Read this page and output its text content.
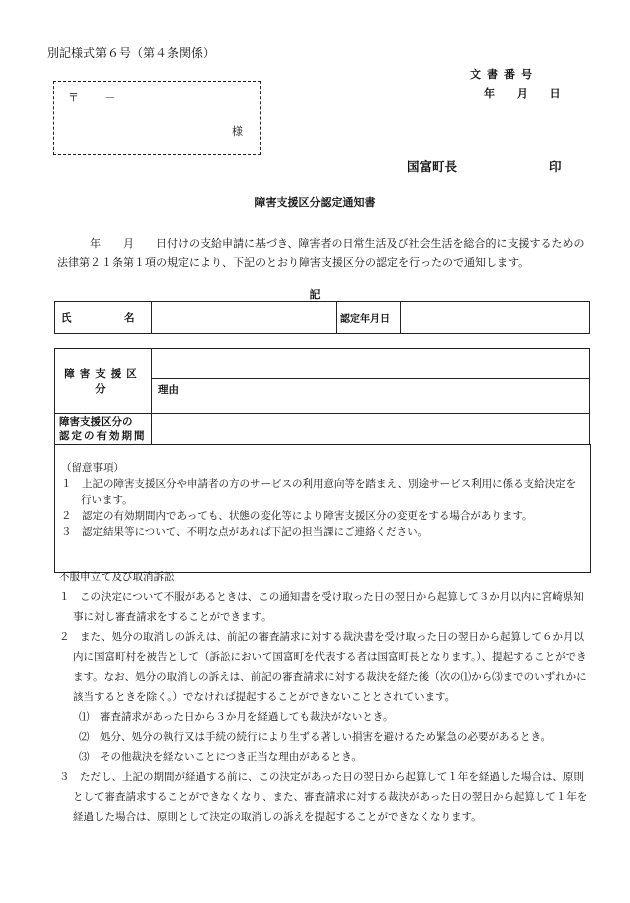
別記様式第６号（第４条関係）
〒　　 －
様
文書番号
年 月 日
国富町長	印
障害支援区分認定通知書
年　　月　　日付けの支給申請に基づき、障害者の日常生活及び社会生活を総合的に支援するための法律第２１条第１項の規定により、下記のとおり障害支援区分の認定を行ったので通知します。
記
氏　　　　　名		認定年月日	
障害支援区分	
	理由

障害支援区分の
認定の有効期間	

（留意事項）

１　上記の障害支援区分や申請者の方のサービスの利用意向等を踏まえ、別途サービス利用に係る支給決定を行います。

２　認定の有効期間内であっても、状態の変化等により障害支援区分の変更をする場合があります。

３　認定結果等について、不明な点があれば下記の担当課にご連絡ください。

不服申立て及び取消訴訟

１　この決定について不服があるときは、この通知書を受け取った日の翌日から起算して３か月以内に宮崎県知事に対し審査請求をすることができます。

２　また、処分の取消しの訴えは、前記の審査請求に対する裁決書を受け取った日の翌日から起算して６か月以内に国富町村を被告として（訴訟において国富町を代表する者は国富町長となります。）、提起することができます。なお、処分の取消しの訴えは、前記の審査請求に対する裁決を経た後（次の⑴から⑶までのいずれかに該当するときを除く。）でなければ提起することができないこととされています。

⑴　審査請求があった日から３か月を経過しても裁決がないとき。

⑵　処分、処分の執行又は手続の続行により生ずる著しい損害を避けるため緊急の必要があるとき。

⑶　その他裁決を経ないことにつき正当な理由があるとき。

３　ただし、上記の期間が経過する前に、この決定があった日の翌日から起算して１年を経過した場合は、原則として審査請求することができなくなり、また、審査請求に対する裁決があった日の翌日から起算して１年を経過した場合は、原則として決定の取消しの訴えを提起することができなくなります。
